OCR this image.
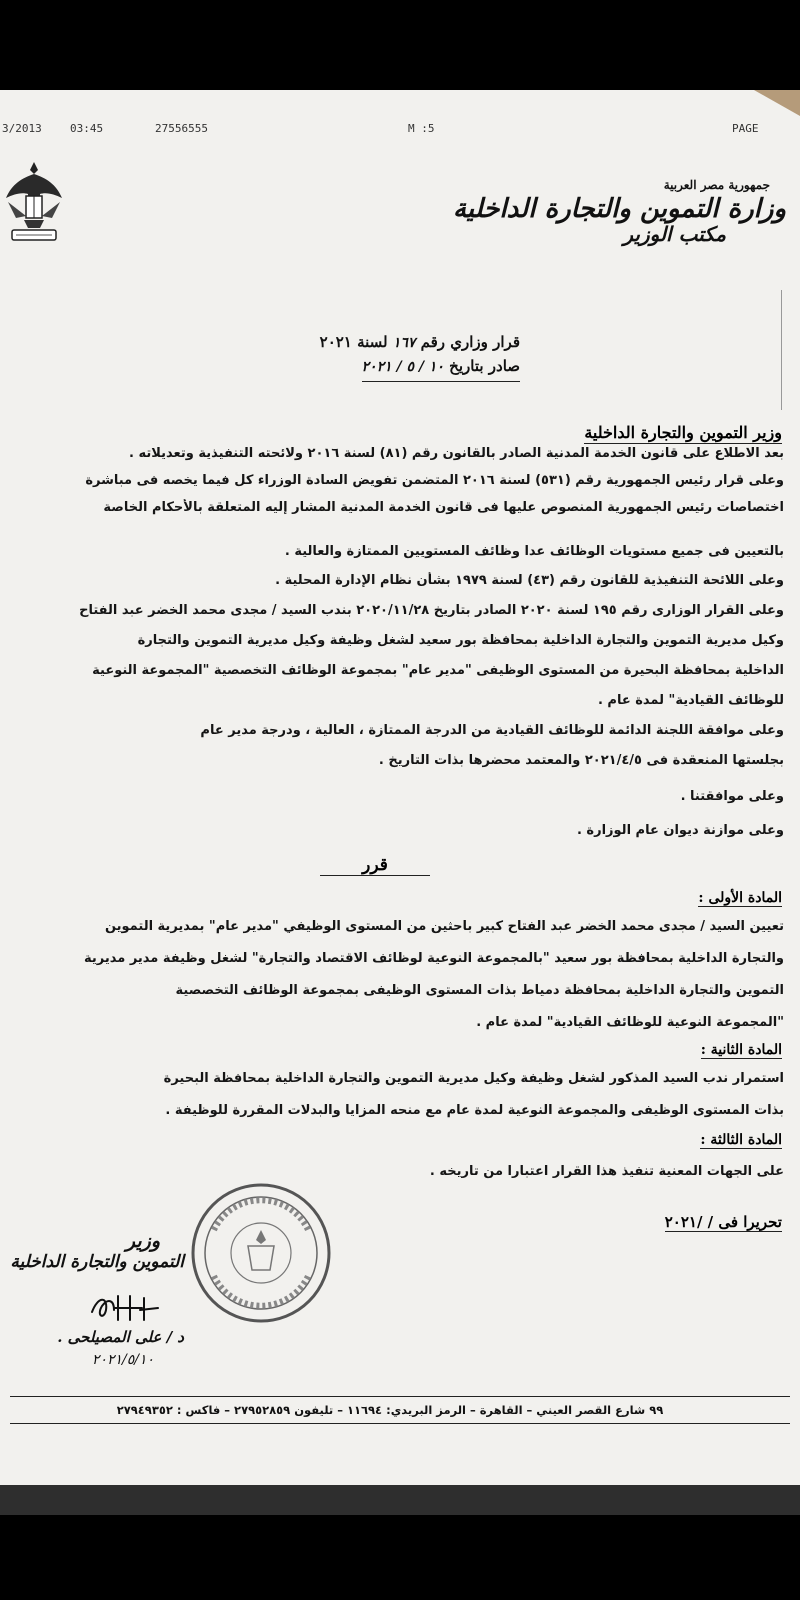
3/2013	03:45	27556555	M :5	PAGE
جمهورية مصر العربية
وزارة التموين والتجارة الداخلية
مكتب الوزير
قرار وزاري رقم ١٦٧ لسنة ٢٠٢١
صادر بتاريخ ١٠ / ٥ / ٢٠٢١
وزير التموين والتجارة الداخلية
بعد الاطلاع على قانون الخدمة المدنية الصادر بالقانون رقم (٨١) لسنة ٢٠١٦ ولائحته التنفيذية وتعديلاته .
وعلى قرار رئيس الجمهورية رقم (٥٣١) لسنة ٢٠١٦ المتضمن تفويض السادة الوزراء كل فيما يخصه فى مباشرة
اختصاصات رئيس الجمهورية المنصوص عليها فى قانون الخدمة المدنية المشار إليه المتعلقة بالأحكام الخاصة
بالتعيين فى جميع مستويات الوظائف عدا وظائف المستويين الممتازة والعالية .
وعلى اللائحة التنفيذية للقانون رقم (٤٣) لسنة ١٩٧٩ بشأن نظام الإدارة المحلية .
وعلى القرار الوزارى رقم ١٩٥ لسنة ٢٠٢٠ الصادر بتاريخ ٢٠٢٠/١١/٢٨ بندب السيد / مجدى محمد الخضر عبد الفتاح
وكيل مديرية التموين والتجارة الداخلية بمحافظة بور سعيد لشغل وظيفة وكيل مديرية التموين والتجارة
الداخلية بمحافظة البحيرة من المستوى الوظيفى "مدير عام" بمجموعة الوظائف التخصصية "المجموعة النوعية
للوظائف القيادية" لمدة عام .
وعلى موافقة اللجنة الدائمة للوظائف القيادية من الدرجة الممتازة ، العالية ، ودرجة مدير عام
بجلستها المنعقدة فى ٢٠٢١/٤/٥ والمعتمد محضرها بذات التاريخ .
وعلى موافقتنا .
وعلى موازنة ديوان عام الوزارة .
قرر
المادة الأولى :
تعيين السيد / مجدى محمد الخضر عبد الفتاح كبير باحثين من المستوى الوظيفي "مدير عام" بمديرية التموين
والتجارة الداخلية بمحافظة بور سعيد "بالمجموعة النوعية لوظائف الاقتصاد والتجارة" لشغل وظيفة مدير مديرية
التموين والتجارة الداخلية بمحافظة دمياط بذات المستوى الوظيفى بمجموعة الوظائف التخصصية
"المجموعة النوعية للوظائف القيادية" لمدة عام .
المادة الثانية :
استمرار ندب السيد المذكور لشغل وظيفة وكيل مديرية التموين والتجارة الداخلية بمحافظة البحيرة
بذات المستوى الوظيفى والمجموعة النوعية لمدة عام مع منحه المزايا والبدلات المقررة للوظيفة .
المادة الثالثة :
على الجهات المعنية تنفيذ هذا القرار اعتبارا من تاريخه .
تحريرا فى / /٢٠٢١
وزير
التموين والتجارة الداخلية
د / على المصيلحى .
٢٠٢١/٥/١٠
٩٩ شارع القصر العيني – القاهرة – الرمز البريدي: ١١٦٩٤ – تليفون ٢٧٩٥٢٨٥٩ – فاكس : ٢٧٩٤٩٣٥٢
